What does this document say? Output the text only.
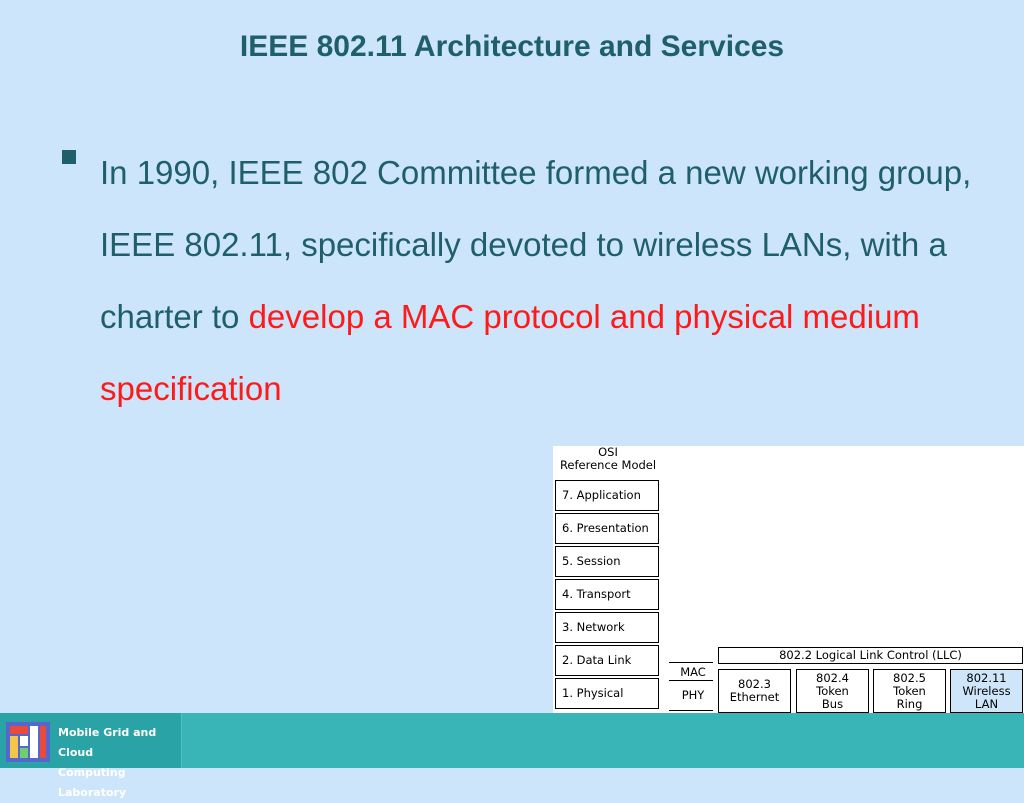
IEEE 802.11 Architecture and Services
In 1990, IEEE 802 Committee formed a new working group, IEEE 802.11, specifically devoted to wireless LANs, with a charter to develop a MAC protocol and physical medium specification
OSI
Reference Model
7. Application
6. Presentation
5. Session
4. Transport
3. Network
2. Data Link
1. Physical
MAC
PHY
802.2 Logical Link Control (LLC)
802.3
Ethernet
802.4
Token
Bus
802.5
Token
Ring
802.11
Wireless
LAN
Mobile Grid and Cloud
Computing Laboratory
